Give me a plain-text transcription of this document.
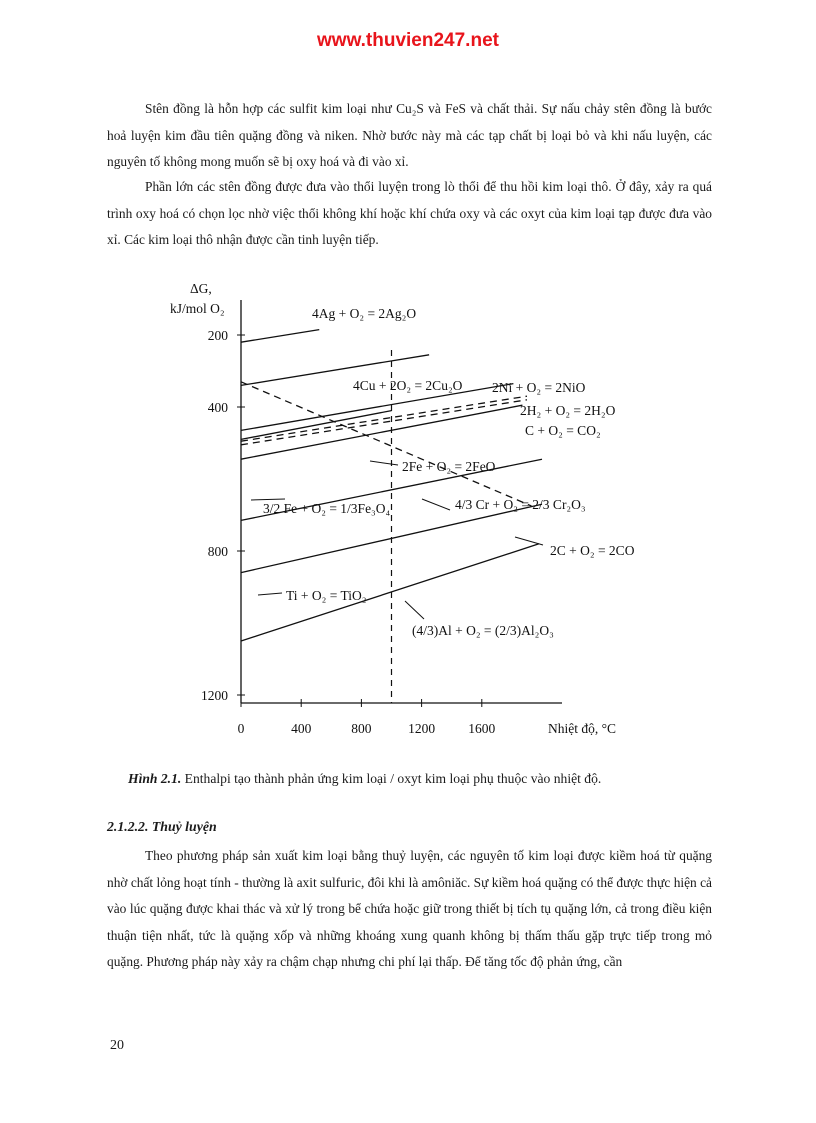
www.thuvien247.net

Stên đồng là hỗn hợp các sulfit kim loại như Cu₂S và FeS và chất thải. Sự nấu chảy stên đồng là bước hoả luyện kim đầu tiên quặng đồng và niken. Nhờ bước này mà các tạp chất bị loại bỏ và khi nấu luyện, các nguyên tố không mong muốn sẽ bị oxy hoá và đi vào xỉ.

Phần lớn các stên đồng được đưa vào thổi luyện trong lò thổi để thu hồi kim loại thô. Ở đây, xảy ra quá trình oxy hoá có chọn lọc nhờ việc thổi không khí hoặc khí chứa oxy và các oxyt của kim loại tạp được đưa vào xỉ. Các kim loại thô nhận được cần tinh luyện tiếp.

200
400
800
1200
0	400	800	1200 1600
ΔG,
kJ/mol O₂
Nhiệt độ, °C
4Ag + O₂ = 2Ag₂O
4Cu + 2O₂ = 2Cu₂O 2Ni + O₂ = 2NiO
2H₂ + O₂ = 2H₂O
C + O₂ = CO₂
2Fe + O₂ = 2FeO
3/2 Fe + O₂ = 1/3Fe₃O₄	4/3 Cr + O₂ = 2/3 Cr₂O₃
2C + O₂ = 2CO
Ti + O₂ = TiO₂
(4/3)Al + O₂ = (2/3)Al₂O₃

Hình 2.1. Enthalpi tạo thành phản ứng kim loại / oxyt kim loại phụ thuộc vào nhiệt độ.

2.1.2.2. Thuỷ luyện

Theo phương pháp sản xuất kim loại bằng thuỷ luyện, các nguyên tố kim loại được kiềm hoá từ quặng nhờ chất lỏng hoạt tính - thường là axit sulfuric, đôi khi là amôniăc. Sự kiềm hoá quặng có thể được thực hiện cả vào lúc quặng được khai thác và xử lý trong bể chứa hoặc giữ trong thiết bị tích tụ quặng lớn, cả trong điều kiện thuận tiện nhất, tức là quặng xốp và những khoáng xung quanh không bị thấm thấu gặp trực tiếp trong mỏ quặng. Phương pháp này xảy ra chậm chạp nhưng chi phí lại thấp. Để tăng tốc độ phản ứng, cần

20
